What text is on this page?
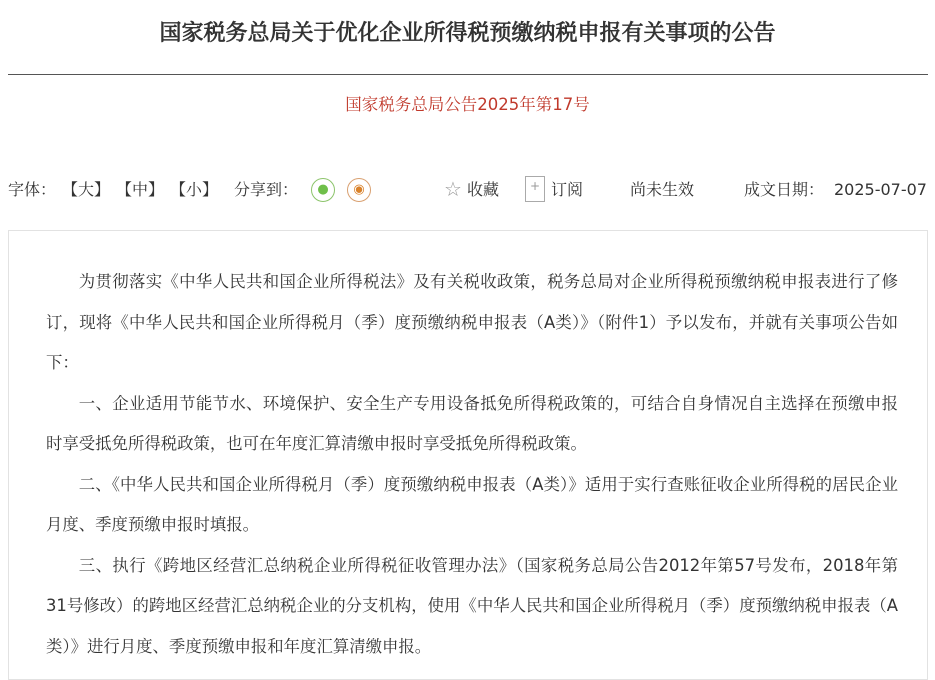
国家税务总局关于优化企业所得税预缴纳税申报有关事项的公告
国家税务总局公告2025年第17号
字体： 【大】 【中】 【小】 分享到：	●	◉	☆ 收藏	+ 订阅	尚未生效	成文日期： 2025-07-07

为贯彻落实《中华人民共和国企业所得税法》及有关税收政策，税务总局对企业所得税预缴纳税申报表进行了修订，现将《中华人民共和国企业所得税月（季）度预缴纳税申报表（A类）》（附件1）予以发布，并就有关事项公告如下：

一、企业适用节能节水、环境保护、安全生产专用设备抵免所得税政策的，可结合自身情况自主选择在预缴申报时享受抵免所得税政策，也可在年度汇算清缴申报时享受抵免所得税政策。

二、《中华人民共和国企业所得税月（季）度预缴纳税申报表（A类）》适用于实行查账征收企业所得税的居民企业月度、季度预缴申报时填报。

三、执行《跨地区经营汇总纳税企业所得税征收管理办法》（国家税务总局公告2012年第57号发布，2018年第31号修改）的跨地区经营汇总纳税企业的分支机构，使用《中华人民共和国企业所得税月（季）度预缴纳税申报表（A类）》进行月度、季度预缴申报和年度汇算清缴申报。
